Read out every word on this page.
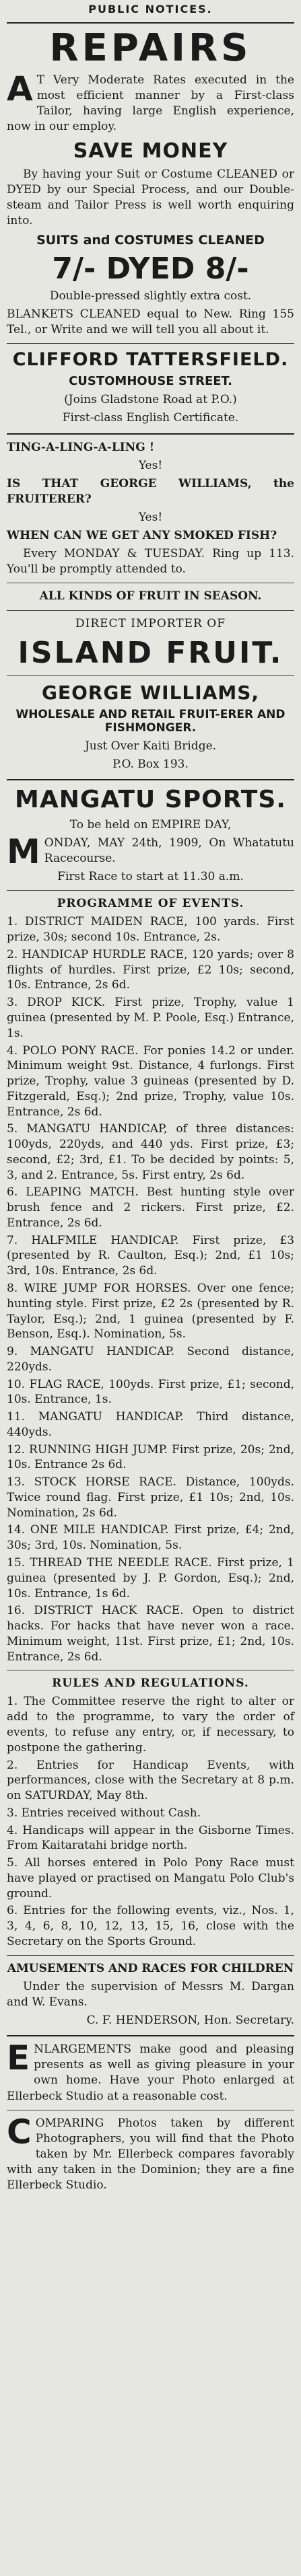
PUBLIC NOTICES.
REPAIRS

A T Very Moderate Rates executed in the most efficient manner by a First-class Tailor, having large English experience, now in our employ.

SAVE MONEY

By having your Suit or Costume CLEANED or DYED by our Special Process, and our Double-steam and Tailor Press is well worth enquiring into.

SUITS and COSTUMES CLEANED
7/- DYED 8/-

Double-pressed slightly extra cost.

BLANKETS CLEANED equal to New. Ring 155 Tel., or Write and we will tell you all about it.

CLIFFORD TATTERSFIELD.
CUSTOMHOUSE STREET.

(Joins Gladstone Road at P.O.)

First-class English Certificate.

TING-A-LING-A-LING !

Yes!

IS THAT GEORGE WILLIAMS, the FRUITERER?

Yes!

WHEN CAN WE GET ANY SMOKED FISH?

Every MONDAY & TUESDAY. Ring up 113. You'll be promptly attended to.

ALL KINDS OF FRUIT IN SEASON.

DIRECT IMPORTER OF

ISLAND FRUIT.
GEORGE WILLIAMS,
WHOLESALE AND RETAIL FRUIT-ERER AND FISHMONGER.

Just Over Kaiti Bridge.

P.O. Box 193.

MANGATU SPORTS.

To be held on EMPIRE DAY,

MONDAY, MAY 24th, 1909, On Whatatutu Racecourse.

First Race to start at 11.30 a.m.

PROGRAMME OF EVENTS.

1. DISTRICT MAIDEN RACE, 100 yards. First prize, 30s; second 10s. Entrance, 2s.
2. HANDICAP HURDLE RACE, 120 yards; over 8 flights of hurdles. First prize, £2 10s; second, 10s. Entrance, 2s 6d.
3. DROP KICK. First prize, Trophy, value 1 guinea (presented by M. P. Poole, Esq.) Entrance, 1s.
4. POLO PONY RACE. For ponies 14.2 or under. Minimum weight 9st. Distance, 4 furlongs. First prize, Trophy, value 3 guineas (presented by D. Fitzgerald, Esq.); 2nd prize, Trophy, value 10s. Entrance, 2s 6d.
5. MANGATU HANDICAP, of three distances: 100yds, 220yds, and 440 yds. First prize, £3; second, £2; 3rd, £1. To be decided by points: 5, 3, and 2. Entrance, 5s. First entry, 2s 6d.
6. LEAPING MATCH. Best hunting style over brush fence and 2 rickers. First prize, £2. Entrance, 2s 6d.
7. HALFMILE HANDICAP. First prize, £3 (presented by R. Caulton, Esq.); 2nd, £1 10s; 3rd, 10s. Entrance, 2s 6d.
8. WIRE JUMP FOR HORSES. Over one fence; hunting style. First prize, £2 2s (presented by R. Taylor, Esq.); 2nd, 1 guinea (presented by F. Benson, Esq.). Nomination, 5s.
9. MANGATU HANDICAP. Second distance, 220yds.
10. FLAG RACE, 100yds. First prize, £1; second, 10s. Entrance, 1s.
11. MANGATU HANDICAP. Third distance, 440yds.
12. RUNNING HIGH JUMP. First prize, 20s; 2nd, 10s. Entrance 2s 6d.
13. STOCK HORSE RACE. Distance, 100yds. Twice round flag. First prize, £1 10s; 2nd, 10s. Nomination, 2s 6d.
14. ONE MILE HANDICAP. First prize, £4; 2nd, 30s; 3rd, 10s. Nomination, 5s.
15. THREAD THE NEEDLE RACE. First prize, 1 guinea (presented by J. P. Gordon, Esq.); 2nd, 10s. Entrance, 1s 6d.
16. DISTRICT HACK RACE. Open to district hacks. For hacks that have never won a race. Minimum weight, 11st. First prize, £1; 2nd, 10s. Entrance, 2s 6d.

RULES AND REGULATIONS.

1. The Committee reserve the right to alter or add to the programme, to vary the order of events, to refuse any entry, or, if necessary, to postpone the gathering.
2. Entries for Handicap Events, with performances, close with the Secretary at 8 p.m. on SATURDAY, May 8th.
3. Entries received without Cash.
4. Handicaps will appear in the Gisborne Times. From Kaitaratahi bridge north.
5. All horses entered in Polo Pony Race must have played or practised on Mangatu Polo Club's ground.
6. Entries for the following events, viz., Nos. 1, 3, 4, 6, 8, 10, 12, 13, 15, 16, close with the Secretary on the Sports Ground.

AMUSEMENTS AND RACES FOR CHILDREN

Under the supervision of Messrs M. Dargan and W. Evans.

C. F. HENDERSON, Hon. Secretary.

ENLARGEMENTS make good and pleasing presents as well as giving pleasure in your own home. Have your Photo enlarged at Ellerbeck Studio at a reasonable cost.

COMPARING Photos taken by different Photographers, you will find that the Photo taken by Mr. Ellerbeck compares favorably with any taken in the Dominion; they are a fine Ellerbeck Studio.
